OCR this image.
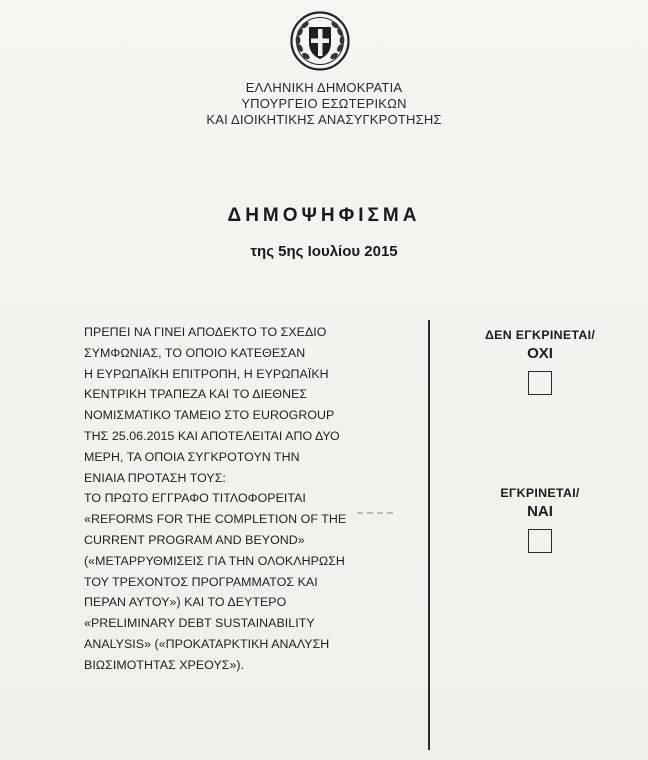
ΕΛΛΗΝΙΚΗ ΔΗΜΟΚΡΑΤΙΑ
ΥΠΟΥΡΓΕΙΟ ΕΣΩΤΕΡΙΚΩΝ
ΚΑΙ ΔΙΟΙΚΗΤΙΚΗΣ ΑΝΑΣΥΓΚΡΟΤΗΣΗΣ
ΔΗΜΟΨΗΦΙΣΜΑ
της 5ης Ιουλίου 2015
ΠΡΕΠΕΙ ΝΑ ΓΙΝΕΙ ΑΠΟΔΕΚΤΟ ΤΟ ΣΧΕΔΙΟ
ΣΥΜΦΩΝΙΑΣ, ΤΟ ΟΠΟΙΟ ΚΑΤΕΘΕΣΑΝ
Η ΕΥΡΩΠΑΪΚΗ ΕΠΙΤΡΟΠΗ, Η ΕΥΡΩΠΑΪΚΗ
ΚΕΝΤΡΙΚΗ ΤΡΑΠΕΖΑ ΚΑΙ ΤΟ ΔΙΕΘΝΕΣ
ΝΟΜΙΣΜΑΤΙΚΟ ΤΑΜΕΙΟ ΣΤΟ EUROGROUP
ΤΗΣ 25.06.2015 ΚΑΙ ΑΠΟΤΕΛΕΙΤΑΙ ΑΠΟ ΔΥΟ
ΜΕΡΗ, ΤΑ ΟΠΟΙΑ ΣΥΓΚΡΟΤΟΥΝ ΤΗΝ
ΕΝΙΑΙΑ ΠΡΟΤΑΣΗ ΤΟΥΣ:
ΤΟ ΠΡΩΤΟ ΕΓΓΡΑΦΟ ΤΙΤΛΟΦΟΡΕΙΤΑΙ
«REFORMS FOR THE COMPLETION OF THE
CURRENT PROGRAM AND BEYOND»
(«ΜΕΤΑΡΡΥΘΜΙΣΕΙΣ ΓΙΑ ΤΗΝ ΟΛΟΚΛΗΡΩΣΗ
ΤΟΥ ΤΡΕΧΟΝΤΟΣ ΠΡΟΓΡΑΜΜΑΤΟΣ ΚΑΙ
ΠΕΡΑΝ ΑΥΤΟΥ») ΚΑΙ ΤΟ ΔΕΥΤΕΡΟ
«PRELIMINARY DEBT SUSTAINABILITY
ANALYSIS» («ΠΡΟΚΑΤΑΡΚΤΙΚΗ ΑΝΑΛΥΣΗ
ΒΙΩΣΙΜΟΤΗΤΑΣ ΧΡΕΟΥΣ»).
ΔΕΝ ΕΓΚΡΙΝΕΤΑΙ/
ΟΧΙ
ΕΓΚΡΙΝΕΤΑΙ/
ΝΑΙ
